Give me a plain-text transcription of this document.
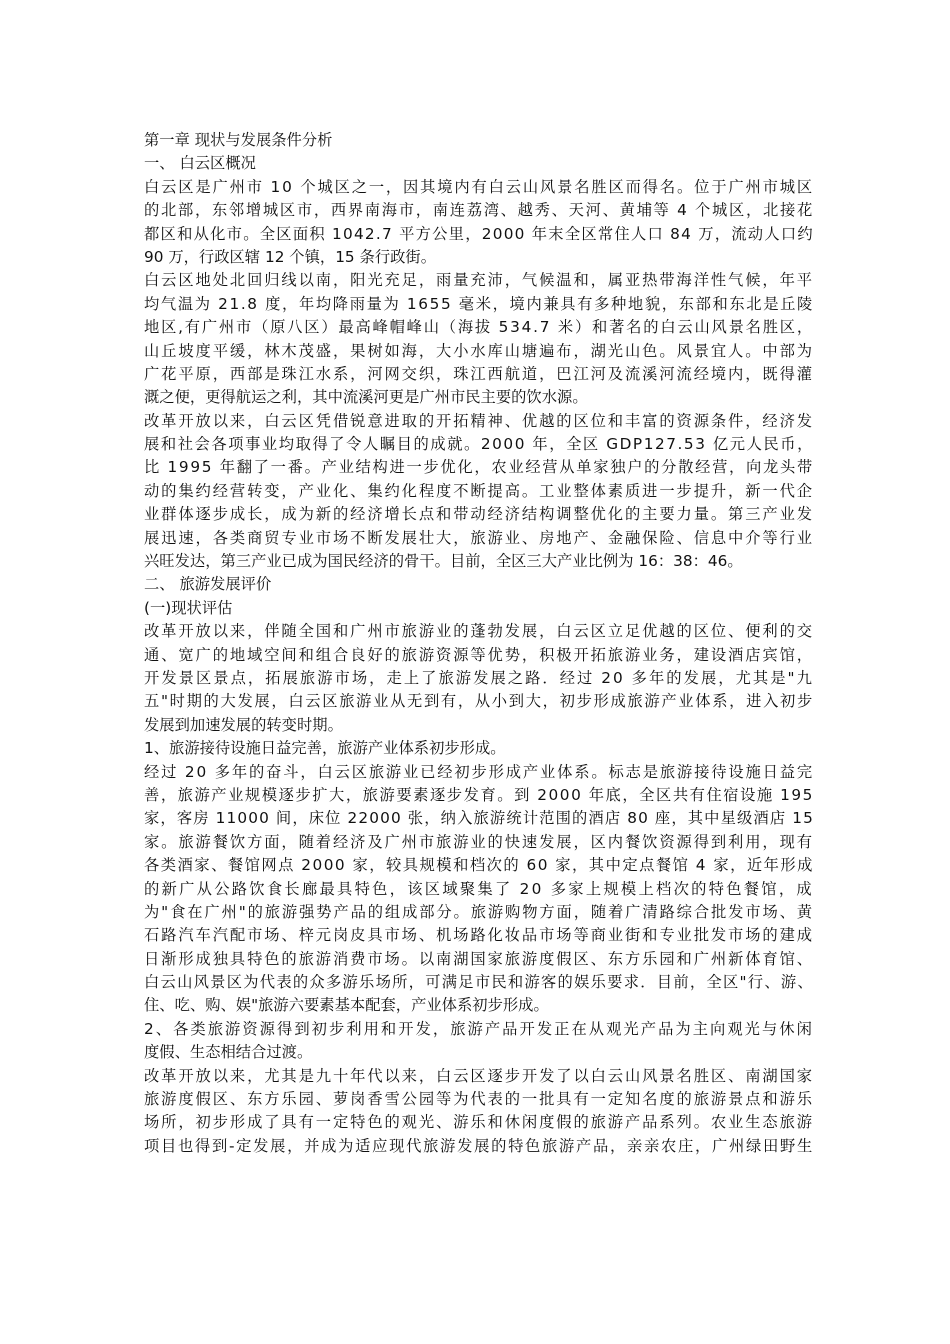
第一章 现状与发展条件分析
一、 白云区概况
白云区是广州市 10 个城区之一，因其境内有白云山风景名胜区而得名。位于广州市城区
的北部，东邻增城区市，西界南海市，南连荔湾、越秀、天河、黄埔等 4 个城区，北接花
都区和从化市。全区面积 1042.7 平方公里，2000 年末全区常住人口 84 万，流动人口约
90 万，行政区辖 12 个镇，15 条行政街。
白云区地处北回归线以南，阳光充足，雨量充沛，气候温和，属亚热带海洋性气候，年平
均气温为 21.8 度，年均降雨量为 1655 毫米，境内兼具有多种地貌，东部和东北是丘陵
地区,有广州市（原八区）最高峰帽峰山（海拔 534.7 米）和著名的白云山风景名胜区，
山丘坡度平缓，林木茂盛，果树如海，大小水库山塘遍布，湖光山色。风景宜人。中部为
广花平原，西部是珠江水系，河网交织，珠江西航道，巴江河及流溪河流经境内，既得灌
溉之便，更得航运之利，其中流溪河更是广州市民主要的饮水源。
改革开放以来，白云区凭借锐意进取的开拓精神、优越的区位和丰富的资源条件，经济发
展和社会各项事业均取得了令人瞩目的成就。2000 年，全区 GDP127.53 亿元人民币，
比 1995 年翻了一番。产业结构进一步优化，农业经营从单家独户的分散经营，向龙头带
动的集约经营转变，产业化、集约化程度不断提高。工业整体素质进一步提升，新一代企
业群体逐步成长，成为新的经济增长点和带动经济结构调整优化的主要力量。第三产业发
展迅速，各类商贸专业市场不断发展壮大，旅游业、房地产、金融保险、信息中介等行业
兴旺发达，第三产业已成为国民经济的骨干。目前，全区三大产业比例为 16：38：46。
二、 旅游发展评价
(一)现状评估
改革开放以来，伴随全国和广州市旅游业的蓬勃发展，白云区立足优越的区位、便利的交
通、宽广的地域空间和组合良好的旅游资源等优势，积极开拓旅游业务，建设酒店宾馆，
开发景区景点，拓展旅游市场，走上了旅游发展之路．经过 20 多年的发展，尤其是"九
五"时期的大发展，白云区旅游业从无到有，从小到大，初步形成旅游产业体系，进入初步
发展到加速发展的转变时期。
1、旅游接待设施日益完善，旅游产业体系初步形成。
经过 20 多年的奋斗，白云区旅游业已经初步形成产业体系。标志是旅游接待设施日益完
善，旅游产业规模逐步扩大，旅游要素逐步发育。到 2000 年底，全区共有住宿设施 195
家，客房 11000 间，床位 22000 张，纳入旅游统计范围的酒店 80 座，其中星级酒店 15
家。旅游餐饮方面，随着经济及广州市旅游业的快速发展，区内餐饮资源得到利用，现有
各类酒家、餐馆网点 2000 家，较具规模和档次的 60 家，其中定点餐馆 4 家，近年形成
的新广从公路饮食长廊最具特色，该区域聚集了 20 多家上规模上档次的特色餐馆，成
为"食在广州"的旅游强势产品的组成部分。旅游购物方面，随着广清路综合批发市场、黄
石路汽车汽配市场、梓元岗皮具市场、机场路化妆品市场等商业街和专业批发市场的建成
日渐形成独具特色的旅游消费市场。以南湖国家旅游度假区、东方乐园和广州新体育馆、
白云山风景区为代表的众多游乐场所，可满足市民和游客的娱乐要求．目前，全区"行、游、
住、吃、购、娱"旅游六要素基本配套，产业体系初步形成。
2、各类旅游资源得到初步利用和开发，旅游产品开发正在从观光产品为主向观光与休闲
度假、生态相结合过渡。
改革开放以来，尤其是九十年代以来，白云区逐步开发了以白云山风景名胜区、南湖国家
旅游度假区、东方乐园、萝岗香雪公园等为代表的一批具有一定知名度的旅游景点和游乐
场所，初步形成了具有一定特色的观光、游乐和休闲度假的旅游产品系列。农业生态旅游
项目也得到-定发展，并成为适应现代旅游发展的特色旅游产品，亲亲农庄，广州绿田野生
